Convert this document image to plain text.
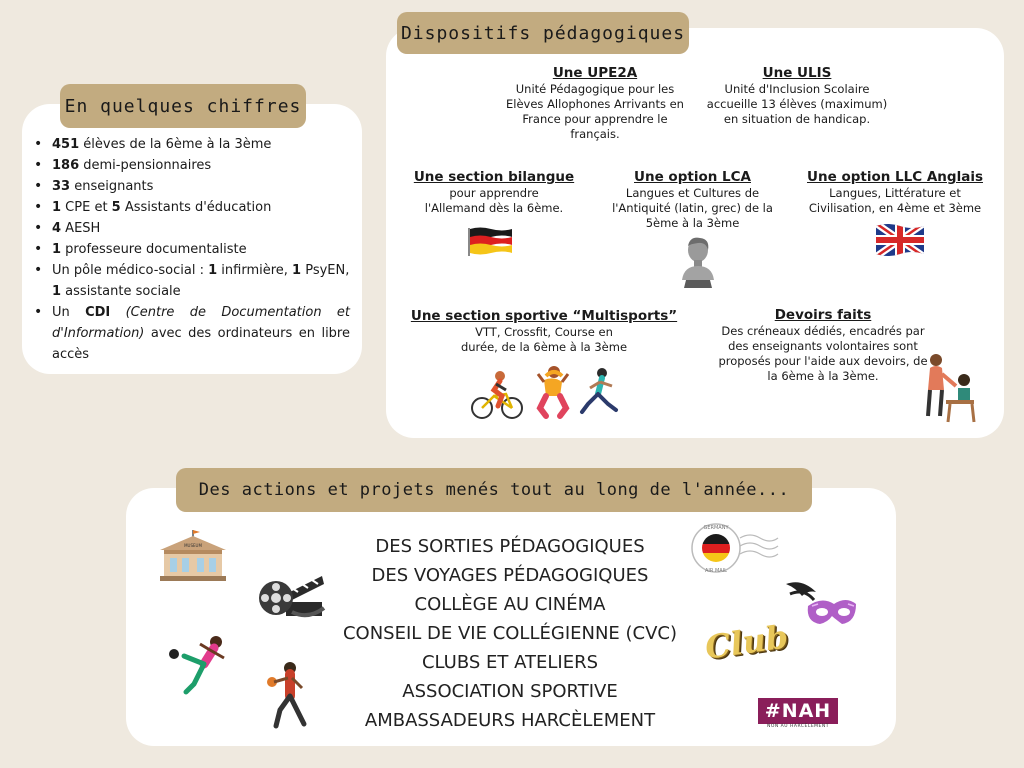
En quelques chiffres
• 451 élèves de la 6ème à la 3ème
• 186 demi-pensionnaires
• 33 enseignants
• 1 CPE et 5 Assistants d'éducation
• 4 AESH
• 1 professeure documentaliste
• Un pôle médico-social : 1 infirmière, 1 PsyEN,
1 assistante sociale
• Un CDI (Centre de Documentation et d'Information) avec des ordinateurs en libre accès
Dispositifs pédagogiques
Une UPE2A
Unité Pédagogique pour les Elèves Allophones Arrivants en France pour apprendre le français.
Une ULIS
Unité d'Inclusion Scolaire accueille 13 élèves (maximum) en situation de handicap.
Une section bilangue
pour apprendre l'Allemand dès la 6ème.
Une option LCA
Langues et Cultures de l'Antiquité (latin, grec) de la 5ème à la 3ème
Une option LLC Anglais
Langues, Littérature et Civilisation, en 4ème et 3ème
Une section sportive “Multisports”
VTT, Crossfit, Course en durée, de la 6ème à la 3ème
Devoirs faits
Des créneaux dédiés, encadrés par des enseignants volontaires sont proposés pour l'aide aux devoirs, de la 6ème à la 3ème.
Des actions et projets menés tout au long de l'année...
DES SORTIES PÉDAGOGIQUES
DES VOYAGES PÉDAGOGIQUES
COLLÈGE AU CINÉMA
CONSEIL DE VIE COLLÉGIENNE (CVC)
CLUBS ET ATELIERS
ASSOCIATION SPORTIVE
AMBASSADEURS HARCÈLEMENT
MUSEUM
GERMANY
AIR MAIL
Club
#NAH
NON AU HARCÈLEMENT
